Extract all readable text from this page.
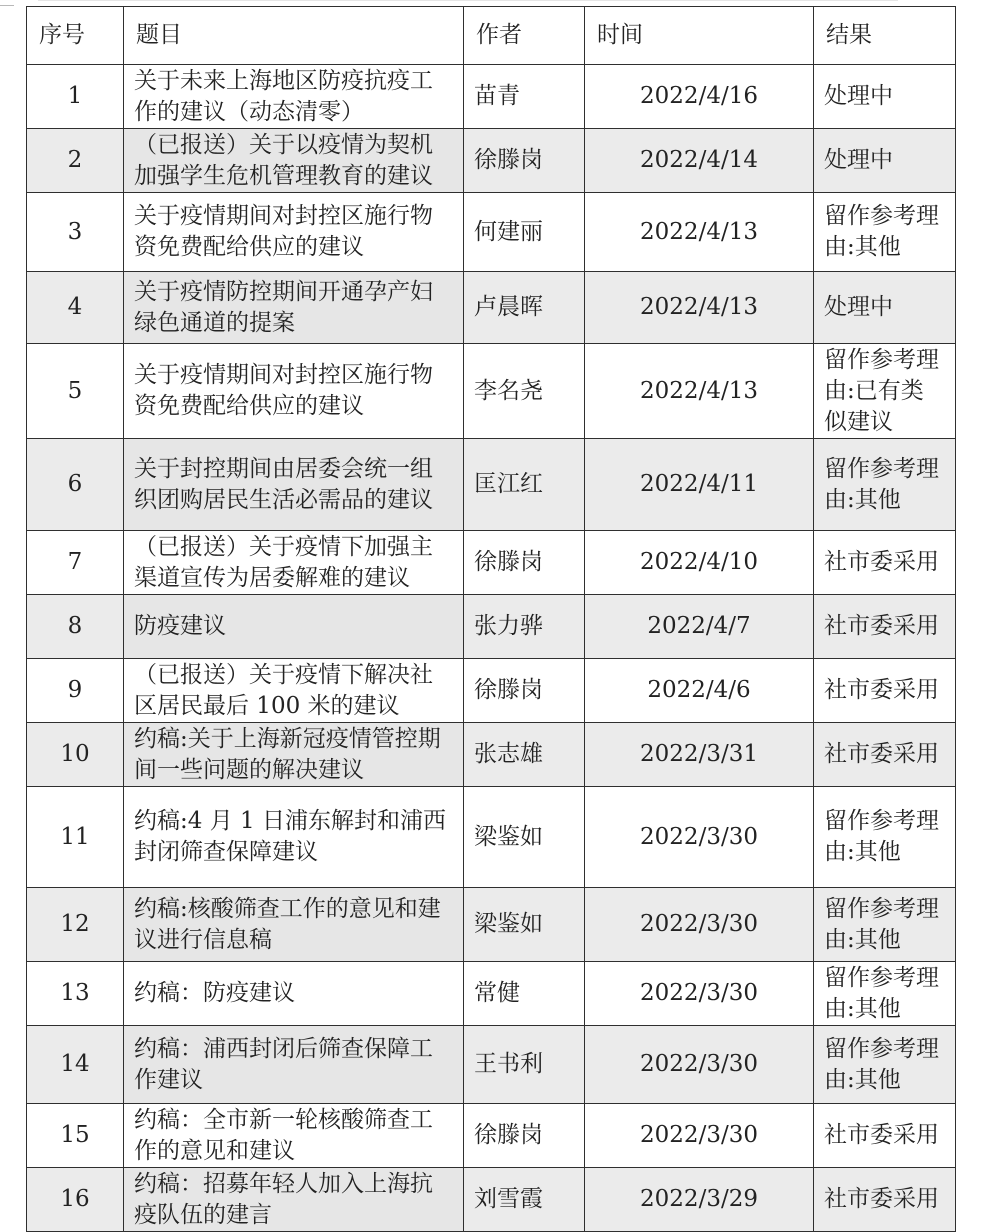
序号	题目	作者	时间	结果
1	关于未来上海地区防疫抗疫工作的建议（动态清零）	苗青	2022/4/16	处理中
2	（已报送）关于以疫情为契机加强学生危机管理教育的建议	徐滕岗	2022/4/14	处理中
3	关于疫情期间对封控区施行物资免费配给供应的建议	何建丽	2022/4/13	留作参考理由:其他
4	关于疫情防控期间开通孕产妇绿色通道的提案	卢晨晖	2022/4/13	处理中
5	关于疫情期间对封控区施行物资免费配给供应的建议	李名尧	2022/4/13	留作参考理由:已有类似建议
6	关于封控期间由居委会统一组织团购居民生活必需品的建议	匡江红	2022/4/11	留作参考理由:其他
7	（已报送）关于疫情下加强主渠道宣传为居委解难的建议	徐滕岗	2022/4/10	社市委采用
8	防疫建议	张力骅	2022/4/7	社市委采用
9	（已报送）关于疫情下解决社区居民最后 100 米的建议	徐滕岗	2022/4/6	社市委采用
10	约稿:关于上海新冠疫情管控期间一些问题的解决建议	张志雄	2022/3/31	社市委采用
11	约稿:4 月 1 日浦东解封和浦西封闭筛查保障建议	梁鉴如	2022/3/30	留作参考理由:其他
12	约稿:核酸筛查工作的意见和建议进行信息稿	梁鉴如	2022/3/30	留作参考理由:其他
13	约稿：防疫建议	常健	2022/3/30	留作参考理由:其他
14	约稿：浦西封闭后筛查保障工作建议	王书利	2022/3/30	留作参考理由:其他
15	约稿：全市新一轮核酸筛查工作的意见和建议	徐滕岗	2022/3/30	社市委采用
16	约稿：招募年轻人加入上海抗疫队伍的建言	刘雪霞	2022/3/29	社市委采用
